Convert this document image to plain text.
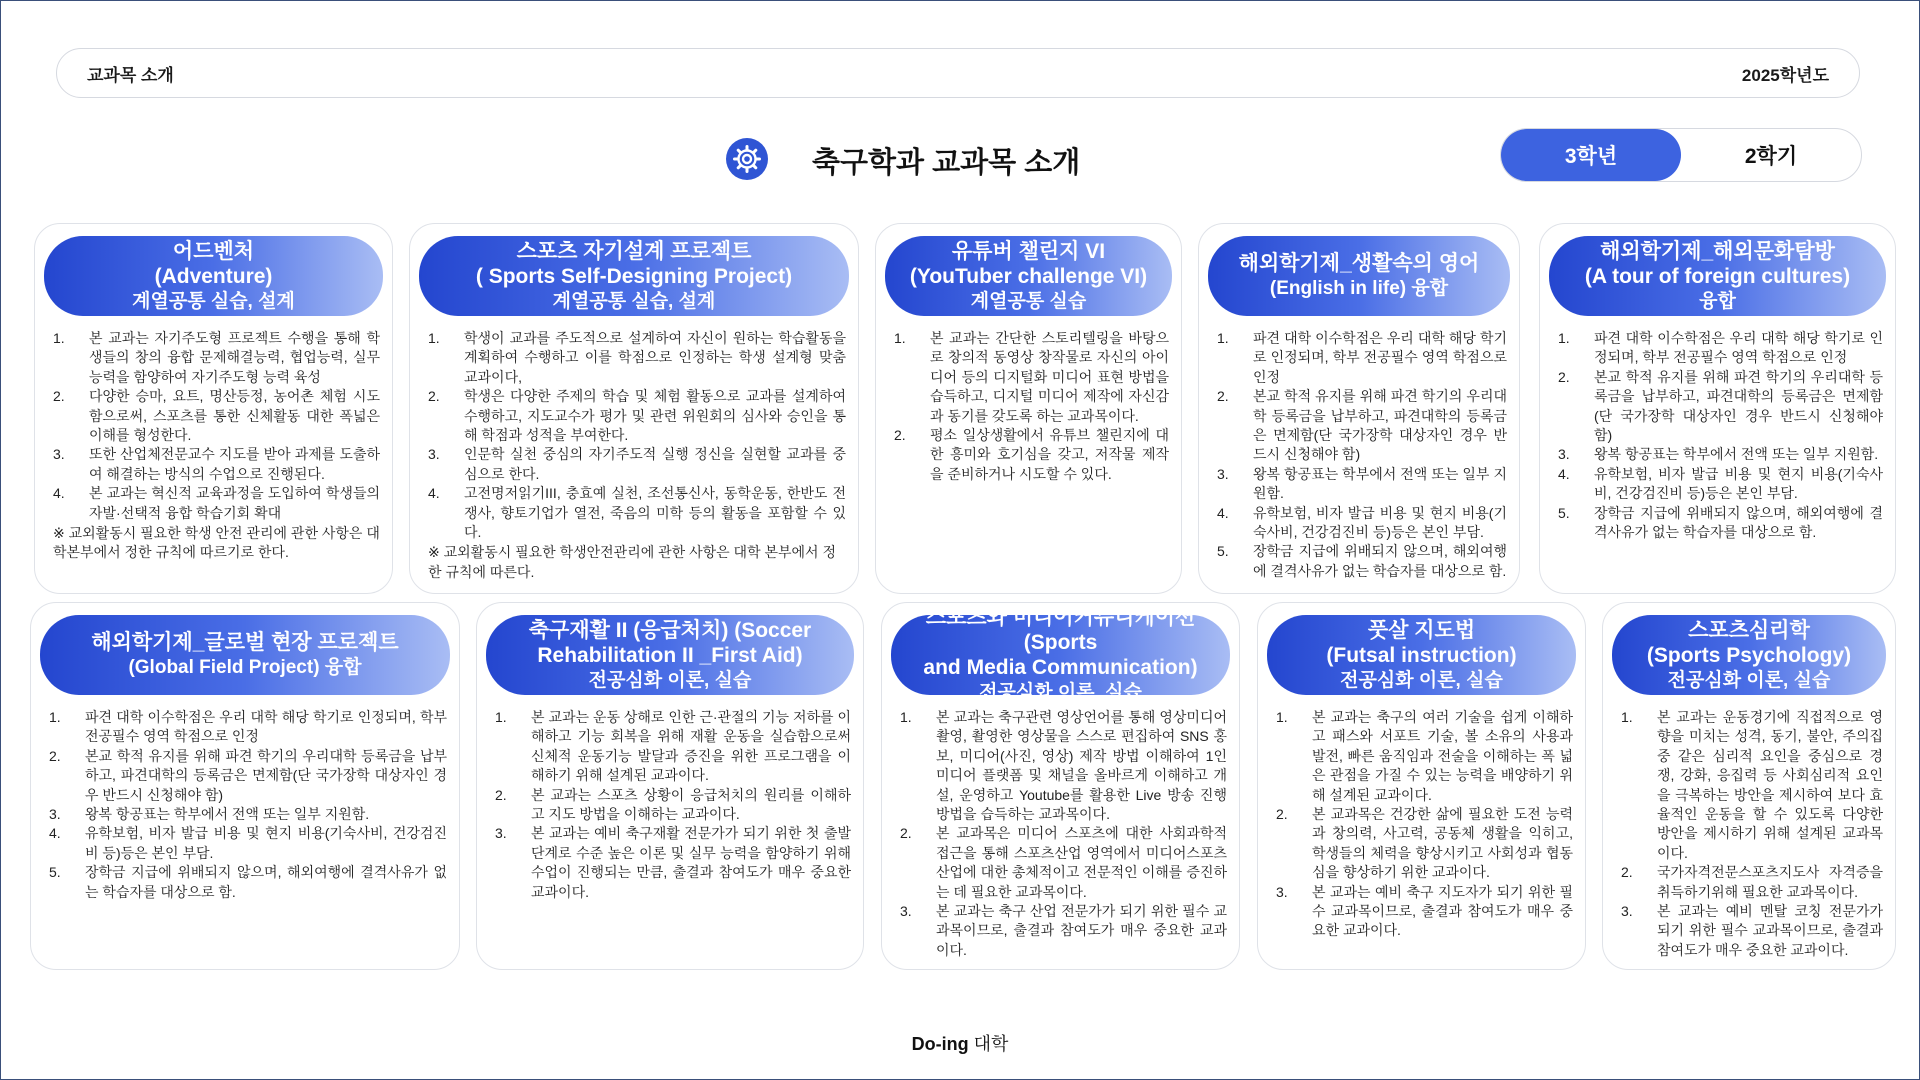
교과목 소개	2025학년도
축구학과 교과목 소개	3학년	2학기
어드벤처
(Adventure)
계열공통 실습, 설계
1. 본 교과는 자기주도형 프로젝트 수행을 통해 학생들의 창의 융합 문제해결능력, 협업능력, 실무능력을 함양하여 자기주도형 능력 육성
2. 다양한 승마, 요트, 명산등정, 농어촌 체험 시도함으로써, 스포츠를 통한 신체활동 대한 폭넓은 이해를 형성한다.
3. 또한 산업체전문교수 지도를 받아 과제를 도출하여 해결하는 방식의 수업으로 진행된다.
4. 본 교과는 혁신적 교육과정을 도입하여 학생들의 자발·선택적 융합 학습기회 확대
※ 교외활동시 필요한 학생 안전 관리에 관한 사항은 대학본부에서 정한 규칙에 따르기로 한다.
스포츠 자기설계 프로젝트
( Sports Self-Designing Project)
계열공통 실습, 설계
1. 학생이 교과를 주도적으로 설계하여 자신이 원하는 학습활동을 계획하여 수행하고 이를 학점으로 인정하는 학생 설계형 맞춤 교과이다,
2. 학생은 다양한 주제의 학습 및 체험 활동으로 교과를 설계하여 수행하고, 지도교수가 평가 및 관련 위원회의 심사와 승인을 통해 학점과 성적을 부여한다.
3. 인문학 실천 중심의 자기주도적 실행 정신을 실현할 교과를 중심으로 한다.
4. 고전명저읽기III, 충효예 실천, 조선통신사, 동학운동, 한반도 전쟁사, 향토기업가 열전, 죽음의 미학 등의 활동을 포함할 수 있다.
※ 교외활동시 필요한 학생안전관리에 관한 사항은 대학 본부에서 정한 규칙에 따른다.
유튜버 챌린지 VI
(YouTuber challenge VI)
계열공통 실습
1. 본 교과는 간단한 스토리텔링을 바탕으로 창의적 동영상 창작물로 자신의 아이디어 등의 디지털화 미디어 표현 방법을 습득하고, 디지털 미디어 제작에 자신감과 동기를 갖도록 하는 교과목이다.
2. 평소 일상생활에서 유튜브 챌린지에 대한 흥미와 호기심을 갖고, 저작물 제작을 준비하거나 시도할 수 있다.
해외학기제_생활속의 영어
(English in life) 융합
1. 파견 대학 이수학점은 우리 대학 해당 학기로 인정되며, 학부 전공필수 영역 학점으로 인정
2. 본교 학적 유지를 위해 파견 학기의 우리대학 등록금을 납부하고, 파견대학의 등록금은 면제함(단 국가장학 대상자인 경우 반드시 신청해야 함)
3. 왕복 항공표는 학부에서 전액 또는 일부 지원함.
4. 유학보험, 비자 발급 비용 및 현지 비용(기숙사비, 건강검진비 등)등은 본인 부담.
5. 장학금 지급에 위배되지 않으며, 해외여행에 결격사유가 없는 학습자를 대상으로 함.
해외학기제_해외문화탐방
(A tour of foreign cultures)
융합
1. 파견 대학 이수학점은 우리 대학 해당 학기로 인정되며, 학부 전공필수 영역 학점으로 인정
2. 본교 학적 유지를 위해 파견 학기의 우리대학 등록금을 납부하고, 파견대학의 등록금은 면제함(단 국가장학 대상자인 경우 반드시 신청해야 함)
3. 왕복 항공표는 학부에서 전액 또는 일부 지원함.
4. 유학보험, 비자 발급 비용 및 현지 비용(기숙사비, 건강검진비 등)등은 본인 부담.
5. 장학금 지급에 위배되지 않으며, 해외여행에 결격사유가 없는 학습자를 대상으로 함.
해외학기제_글로벌 현장 프로젝트
(Global Field Project) 융합
1. 파견 대학 이수학점은 우리 대학 해당 학기로 인정되며, 학부 전공필수 영역 학점으로 인정
2. 본교 학적 유지를 위해 파견 학기의 우리대학 등록금을 납부하고, 파견대학의 등록금은 면제함(단 국가장학 대상자인 경우 반드시 신청해야 함)
3. 왕복 항공표는 학부에서 전액 또는 일부 지원함.
4. 유학보험, 비자 발급 비용 및 현지 비용(기숙사비, 건강검진비 등)등은 본인 부담.
5. 장학금 지급에 위배되지 않으며, 해외여행에 결격사유가 없는 학습자를 대상으로 함.
축구재활 II (응급처치) (Soccer
Rehabilitation II _First Aid)
전공심화 이론, 실습
1. 본 교과는 운동 상해로 인한 근·관절의 기능 저하를 이해하고 기능 회복을 위해 재활 운동을 실습함으로써 신체적 운동기능 발달과 증진을 위한 프로그램을 이해하기 위해 설계된 교과이다.
2. 본 교과는 스포츠 상황이 응급처치의 원리를 이해하고 지도 방법을 이해하는 교과이다.
3. 본 교과는 예비 축구재활 전문가가 되기 위한 첫 출발 단계로 수준 높은 이론 및 실무 능력을 함양하기 위해 수업이 진행되는 만큼, 출결과 참여도가 매우 중요한 교과이다.
스포츠와 미디어커뮤니케이션 (Sports
and Media Communication)
전공심화 이론, 실습
1. 본 교과는 축구관련 영상언어를 통해 영상미디어 촬영, 촬영한 영상물을 스스로 편집하여 SNS 홍보, 미디어(사진, 영상) 제작 방법 이해하여 1인 미디어 플랫폼 및 채널을 올바르게 이해하고 개설, 운영하고 Youtube를 활용한 Live 방송 진행 방법을 습득하는 교과목이다.
2. 본 교과목은 미디어 스포츠에 대한 사회과학적 접근을 통해 스포츠산업 영역에서 미디어스포츠산업에 대한 총체적이고 전문적인 이해를 증진하는 데 필요한 교과목이다.
3. 본 교과는 축구 산업 전문가가 되기 위한 필수 교과목이므로, 출결과 참여도가 매우 중요한 교과이다.
풋살 지도법
(Futsal instruction)
전공심화 이론, 실습
1. 본 교과는 축구의 여러 기술을 쉽게 이해하고 패스와 서포트 기술, 볼 소유의 사용과 발전, 빠른 움직임과 전술을 이해하는 폭 넓은 관점을 가질 수 있는 능력을 배양하기 위해 설계된 교과이다.
2. 본 교과목은 건강한 삶에 필요한 도전 능력과 창의력, 사고력, 공동체 생활을 익히고, 학생들의 체력을 향상시키고 사회성과 협동심을 향상하기 위한 교과이다.
3. 본 교과는 예비 축구 지도자가 되기 위한 필수 교과목이므로, 출결과 참여도가 매우 중요한 교과이다.
스포츠심리학
(Sports Psychology)
전공심화 이론, 실습
1. 본 교과는 운동경기에 직접적으로 영향을 미치는 성격, 동기, 불안, 주의집중 같은 심리적 요인을 중심으로 경쟁, 강화, 응집력 등 사회심리적 요인을 극복하는 방안을 제시하여 보다 효율적인 운동을 할 수 있도록 다양한 방안을 제시하기 위해 설계된 교과목이다.
2. 국가자격전문스포츠지도사 자격증을 취득하기위해 필요한 교과목이다.
3. 본 교과는 예비 멘탈 코칭 전문가가 되기 위한 필수 교과목이므로, 출결과 참여도가 매우 중요한 교과이다.
Do-ing 대학
